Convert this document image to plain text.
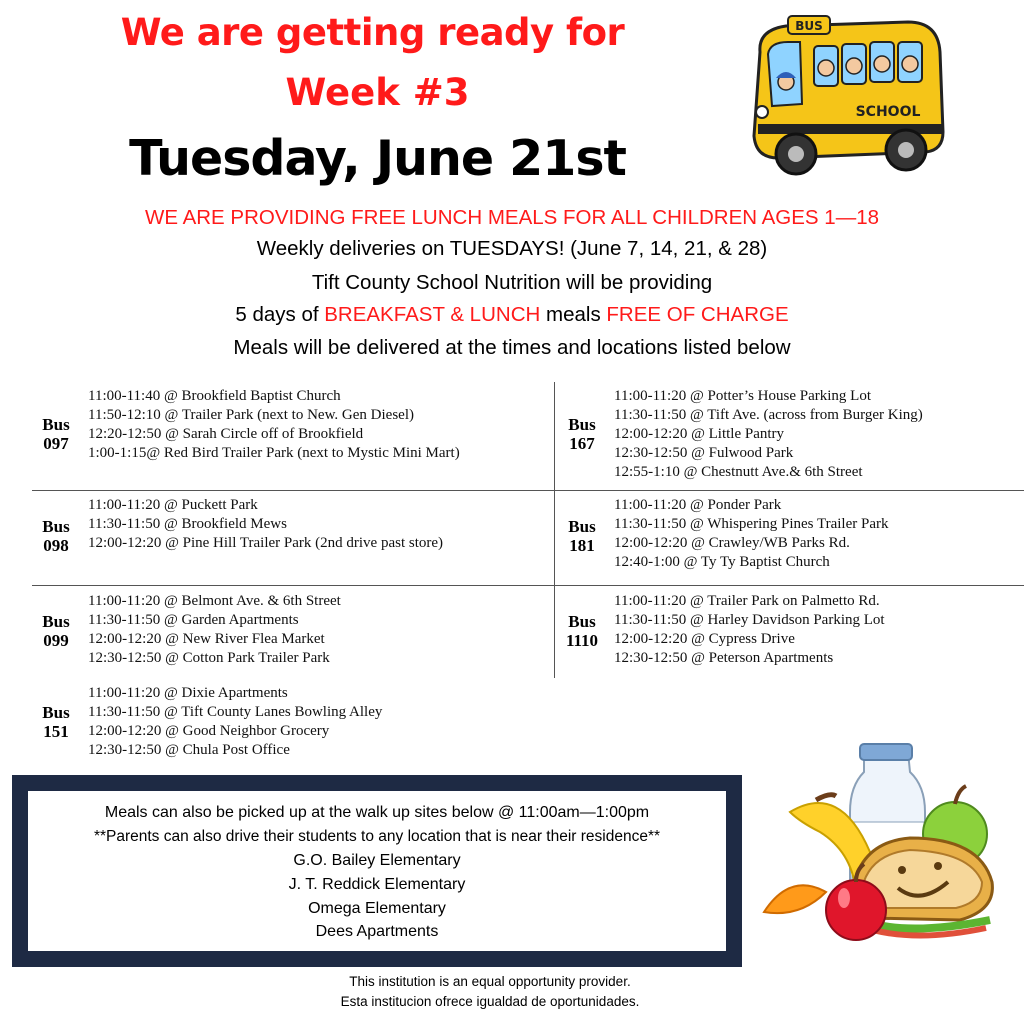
We are getting ready for
Week #3
Tuesday, June 21st
BUS
SCHOOL
WE ARE PROVIDING FREE LUNCH MEALS FOR ALL CHILDREN AGES 1—18
Weekly deliveries on TUESDAYS! (June 7, 14, 21, & 28)
Tift County School Nutrition will be providing
5 days of BREAKFAST & LUNCH meals FREE OF CHARGE
Meals will be delivered at the times and locations listed below
Bus
097
11:00-11:40 @ Brookfield Baptist Church
11:50-12:10 @ Trailer Park (next to New. Gen Diesel)
12:20-12:50 @ Sarah Circle off of Brookfield
1:00-1:15@ Red Bird Trailer Park (next to Mystic Mini Mart)
Bus
167
11:00-11:20 @ Potter’s House Parking Lot
11:30-11:50 @ Tift Ave. (across from Burger King)
12:00-12:20 @ Little Pantry
12:30-12:50 @ Fulwood Park
12:55-1:10 @ Chestnutt Ave.& 6th Street
Bus
098
11:00-11:20 @ Puckett Park
11:30-11:50 @ Brookfield Mews
12:00-12:20 @ Pine Hill Trailer Park (2nd drive past store)
Bus
181
11:00-11:20 @ Ponder Park
11:30-11:50 @ Whispering Pines Trailer Park
12:00-12:20 @ Crawley/WB Parks Rd.
12:40-1:00 @ Ty Ty Baptist Church
Bus
099
11:00-11:20 @ Belmont Ave. & 6th Street
11:30-11:50 @ Garden Apartments
12:00-12:20 @ New River Flea Market
12:30-12:50 @ Cotton Park Trailer Park
Bus
1110
11:00-11:20 @ Trailer Park on Palmetto Rd.
11:30-11:50 @ Harley Davidson Parking Lot
12:00-12:20 @ Cypress Drive
12:30-12:50 @ Peterson Apartments
Bus
151
11:00-11:20 @ Dixie Apartments
11:30-11:50 @ Tift County Lanes Bowling Alley
12:00-12:20 @ Good Neighbor Grocery
12:30-12:50 @ Chula Post Office
Meals can also be picked up at the walk up sites below @ 11:00am—1:00pm
**Parents can also drive their students to any location that is near their residence**
G.O. Bailey Elementary
J. T. Reddick Elementary
Omega Elementary
Dees Apartments
This institution is an equal opportunity provider.
Esta institucion ofrece igualdad de oportunidades.
